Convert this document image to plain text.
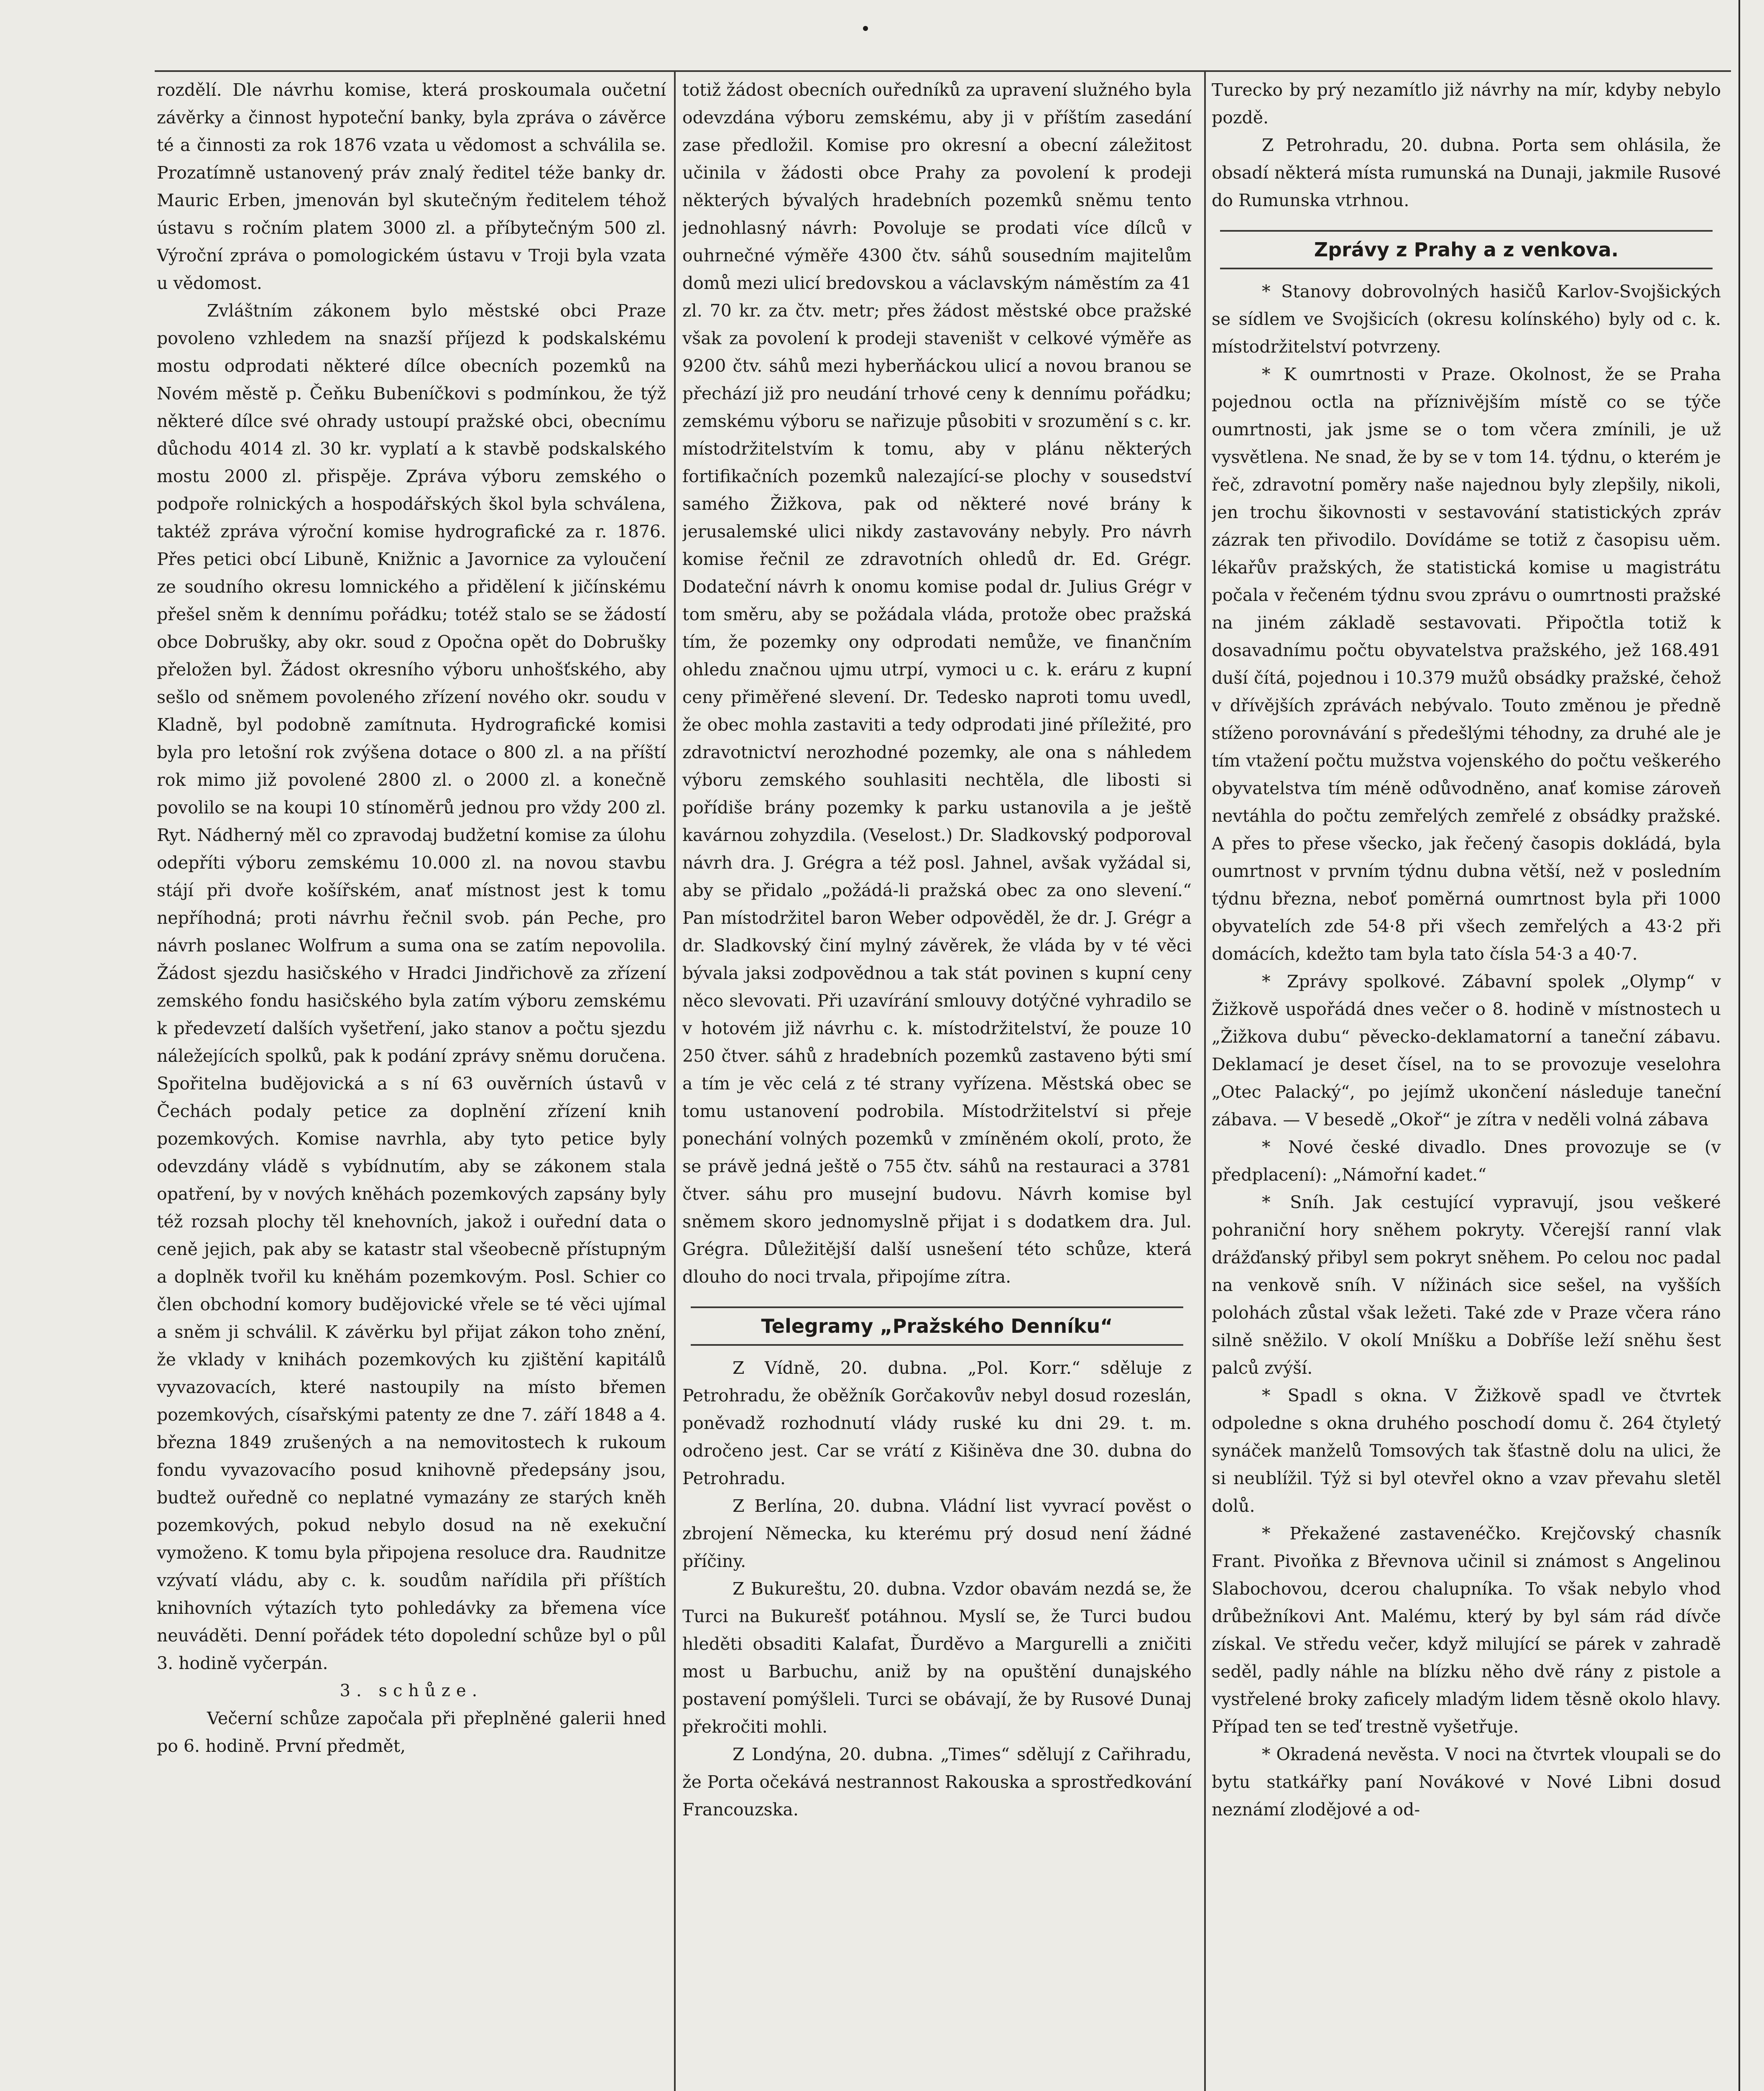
rozdělí. Dle návrhu komise, která proskoumala oučetní závěrky a činnost hypoteční banky, byla zpráva o závěrce té a činnosti za rok 1876 vzata u vědomost a schválila se. Prozatímně ustanovený práv znalý ředitel téže banky dr. Mauric Erben, jmenován byl skutečným ředitelem téhož ústavu s ročním platem 3000 zl. a příbytečným 500 zl. Výroční zpráva o pomologickém ústavu v Troji byla vzata u vědomost.

Zvláštním zákonem bylo městské obci Praze povoleno vzhledem na snazší příjezd k podskalskému mostu odprodati některé dílce obecních pozemků na Novém městě p. Čeňku Bubeníčkovi s podmínkou, že týž některé dílce své ohrady ustoupí pražské obci, obecnímu důchodu 4014 zl. 30 kr. vyplatí a k stavbě podskalského mostu 2000 zl. přispěje. Zpráva výboru zemského o podpoře rolnických a hospodářských škol byla schválena, taktéž zpráva výroční komise hydrografické za r. 1876. Přes petici obcí Libuně, Knižnic a Javornice za vyloučení ze soudního okresu lomnického a přidělení k jičínskému přešel sněm k dennímu pořádku; totéž stalo se se žádostí obce Dobrušky, aby okr. soud z Opočna opět do Dobrušky přeložen byl. Žádost okresního výboru unhošťského, aby sešlo od sněmem povoleného zřízení nového okr. soudu v Kladně, byl podobně zamítnuta. Hydrografické komisi byla pro letošní rok zvýšena dotace o 800 zl. a na příští rok mimo již povolené 2800 zl. o 2000 zl. a konečně povolilo se na koupi 10 stínoměrů jednou pro vždy 200 zl. Ryt. Nádherný měl co zpravodaj budžetní komise za úlohu odepříti výboru zemskému 10.000 zl. na novou stavbu stájí při dvoře košířském, anať místnost jest k tomu nepříhodná; proti návrhu řečnil svob. pán Peche, pro návrh poslanec Wolfrum a suma ona se zatím nepovolila. Žádost sjezdu hasičského v Hradci Jindřichově za zřízení zemského fondu hasičského byla zatím výboru zemskému k předevzetí dalších vyšetření, jako stanov a počtu sjezdu náležejících spolků, pak k podání zprávy sněmu doručena. Spořitelna budějovická a s ní 63 ouvěrních ústavů v Čechách podaly petice za doplnění zřízení knih pozemkových. Komise navrhla, aby tyto petice byly odevzdány vládě s vybídnutím, aby se zákonem stala opatření, by v nových kněhách pozemkových zapsány byly též rozsah plochy těl knehovních, jakož i ouřední data o ceně jejich, pak aby se katastr stal všeobecně přístupným a doplněk tvořil ku kněhám pozemkovým. Posl. Schier co člen obchodní komory budějovické vřele se té věci ujímal a sněm ji schválil. K závěrku byl přijat zákon toho znění, že vklady v knihách pozemkových ku zjištění kapitálů vyvazovacích, které nastoupily na místo břemen pozemkových, císařskými patenty ze dne 7. září 1848 a 4. března 1849 zrušených a na nemovitostech k rukoum fondu vyvazovacího posud knihovně předepsány jsou, budtež ouředně co neplatné vymazány ze starých kněh pozemkových, pokud nebylo dosud na ně exekuční vymoženo. K tomu byla připojena resoluce dra. Raudnitze vzývatí vládu, aby c. k. soudům nařídila při příštích knihovních výtazích tyto pohledávky za břemena více neuváděti. Denní pořádek této dopolední schůze byl o půl 3. hodině vyčerpán.

3. schůze.

Večerní schůze započala při přeplněné galerii hned po 6. hodině. První předmět,

totiž žádost obecních ouředníků za upravení služného byla odevzdána výboru zemskému, aby ji v příštím zasedání zase předložil. Komise pro okresní a obecní záležitost učinila v žádosti obce Prahy za povolení k prodeji některých bývalých hradebních pozemků sněmu tento jednohlasný návrh: Povoluje se prodati více dílců v ouhrnečné výměře 4300 čtv. sáhů sousedním majitelům domů mezi ulicí bredovskou a václavským náměstím za 41 zl. 70 kr. za čtv. metr; přes žádost městské obce pražské však za povolení k prodeji staveništ v celkové výměře as 9200 čtv. sáhů mezi hyberňáckou ulicí a novou branou se přechází již pro neudání trhové ceny k dennímu pořádku; zemskému výboru se nařizuje působiti v srozumění s c. kr. místodržitelstvím k tomu, aby v plánu některých fortifikačních pozemků nalezající-se plochy v sousedství samého Žižkova, pak od některé nové brány k jerusalemské ulici nikdy zastavovány nebyly. Pro návrh komise řečnil ze zdravotních ohledů dr. Ed. Grégr. Dodateční návrh k onomu komise podal dr. Julius Grégr v tom směru, aby se požádala vláda, protože obec pražská tím, že pozemky ony odprodati nemůže, ve finančním ohledu značnou ujmu utrpí, vymoci u c. k. eráru z kupní ceny přiměřené slevení. Dr. Tedesko naproti tomu uvedl, že obec mohla zastaviti a tedy odprodati jiné příležité, pro zdravotnictví nerozhodné pozemky, ale ona s náhledem výboru zemského souhlasiti nechtěla, dle libosti si pořídiše brány pozemky k parku ustanovila a je ještě kavárnou zohyzdila. (Veselost.) Dr. Sladkovský podporoval návrh dra. J. Grégra a též posl. Jahnel, avšak vyžádal si, aby se přidalo „požádá-li pražská obec za ono slevení.“ Pan místodržitel baron Weber odpověděl, že dr. J. Grégr a dr. Sladkovský činí mylný závěrek, že vláda by v té věci bývala jaksi zodpovědnou a tak stát povinen s kupní ceny něco slevovati. Při uzavírání smlouvy dotýčné vyhradilo se v hotovém již návrhu c. k. místodržitelství, že pouze 10 250 čtver. sáhů z hradebních pozemků zastaveno býti smí a tím je věc celá z té strany vyřízena. Městská obec se tomu ustanovení podrobila. Místodržitelství si přeje ponechání volných pozemků v zmíněném okolí, proto, že se právě jedná ještě o 755 čtv. sáhů na restauraci a 3781 čtver. sáhu pro musejní budovu. Návrh komise byl sněmem skoro jednomyslně přijat i s dodatkem dra. Jul. Grégra. Důležitější další usnešení této schůze, která dlouho do noci trvala, připojíme zítra.

Telegramy „Pražského Denníku“

Z Vídně, 20. dubna. „Pol. Korr.“ sděluje z Petrohradu, že oběžník Gorčakovův nebyl dosud rozeslán, poněvadž rozhodnutí vlády ruské ku dni 29. t. m. odročeno jest. Car se vrátí z Kišiněva dne 30. dubna do Petrohradu.

Z Berlína, 20. dubna. Vládní list vyvrací pověst o zbrojení Německa, ku kterému prý dosud není žádné příčiny.

Z Bukureštu, 20. dubna. Vzdor obavám nezdá se, že Turci na Bukurešť potáhnou. Myslí se, že Turci budou hleděti obsaditi Kalafat, Ďurděvo a Margurelli a zničiti most u Barbuchu, aniž by na opuštění dunajského postavení pomýšleli. Turci se obávají, že by Rusové Dunaj překročiti mohli.

Z Londýna, 20. dubna. „Times“ sdělují z Cařihradu, že Porta očekává nestrannost Rakouska a sprostředkování Francouzska.

Turecko by prý nezamítlo již návrhy na mír, kdyby nebylo pozdě.

Z Petrohradu, 20. dubna. Porta sem ohlásila, že obsadí některá místa rumunská na Dunaji, jakmile Rusové do Rumunska vtrhnou.

Zprávy z Prahy a z venkova.

* Stanovy dobrovolných hasičů Karlov-Svojšických se sídlem ve Svojšicích (okresu kolínského) byly od c. k. místodržitelství potvrzeny.

* K oumrtnosti v Praze. Okolnost, že se Praha pojednou octla na příznivějším místě co se týče oumrtnosti, jak jsme se o tom včera zmínili, je už vysvětlena. Ne snad, že by se v tom 14. týdnu, o kterém je řeč, zdravotní poměry naše najednou byly zlepšily, nikoli, jen trochu šikovnosti v sestavování statistických zpráv zázrak ten přivodilo. Dovídáme se totiž z časopisu uěm. lékařův pražských, že statistická komise u magistrátu počala v řečeném týdnu svou zprávu o oumrtnosti pražské na jiném základě sestavovati. Připočtla totiž k dosavadnímu počtu obyvatelstva pražského, jež 168.491 duší čítá, pojednou i 10.379 mužů obsádky pražské, čehož v dřívějších zprávách nebývalo. Touto změnou je předně stíženo porovnávání s předešlými téhodny, za druhé ale je tím vtažení počtu mužstva vojenského do počtu veškerého obyvatelstva tím méně odůvodněno, anať komise zároveň nevtáhla do počtu zemřelých zemřelé z obsádky pražské. A přes to přese všecko, jak řečený časopis dokládá, byla oumrtnost v prvním týdnu dubna větší, než v posledním týdnu března, neboť poměrná oumrtnost byla při 1000 obyvatelích zde 54·8 při všech zemřelých a 43·2 při domácích, kdežto tam byla tato čísla 54·3 a 40·7.

* Zprávy spolkové. Zábavní spolek „Olymp“ v Žižkově uspořádá dnes večer o 8. hodině v místnostech u „Žižkova dubu“ pěvecko-deklamatorní a taneční zábavu. Deklamací je deset čísel, na to se provozuje veselohra „Otec Palacký“, po jejímž ukončení následuje taneční zábava. — V besedě „Okoř“ je zítra v neděli volná zábava

* Nové české divadlo. Dnes provozuje se (v předplacení): „Námořní kadet.“

* Sníh. Jak cestující vypravují, jsou veškeré pohraniční hory sněhem pokryty. Včerejší ranní vlak drážďanský přibyl sem pokryt sněhem. Po celou noc padal na venkově sníh. V nížinách sice sešel, na vyšších polohách zůstal však ležeti. Také zde v Praze včera ráno silně sněžilo. V okolí Mníšku a Dobříše leží sněhu šest palců zvýší.

* Spadl s okna. V Žižkově spadl ve čtvrtek odpoledne s okna druhého poschodí domu č. 264 čtyletý synáček manželů Tomsových tak šťastně dolu na ulici, že si neublížil. Týž si byl otevřel okno a vzav převahu sletěl dolů.

* Překažené zastavenéčko. Krejčovský chasník Frant. Pivoňka z Břevnova učinil si známost s Angelinou Slabochovou, dcerou chalupníka. To však nebylo vhod drůbežníkovi Ant. Malému, který by byl sám rád dívče získal. Ve středu večer, když milující se párek v zahradě seděl, padly náhle na blízku něho dvě rány z pistole a vystřelené broky zaficely mladým lidem těsně okolo hlavy. Případ ten se teď trestně vyšetřuje.

* Okradená nevěsta. V noci na čtvrtek vloupali se do bytu statkářky paní Novákové v Nové Libni dosud neznámí zlodějové a od-
